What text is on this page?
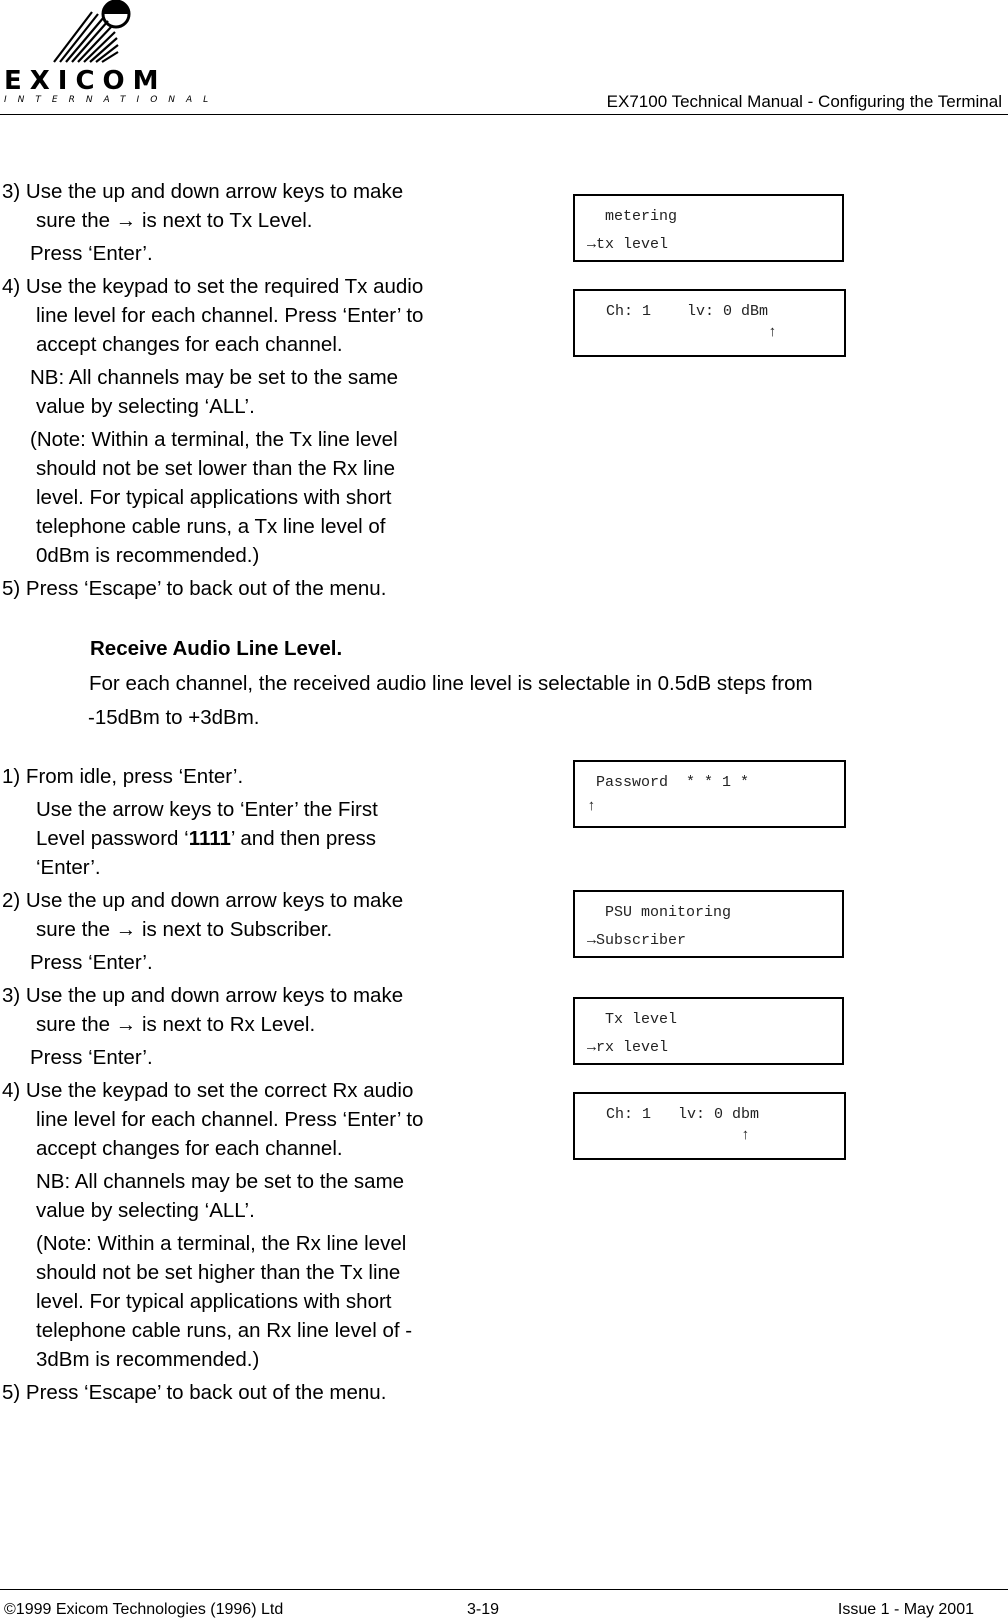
EXICOM
INTERNATIONAL	EX7100 Technical Manual - Configuring the Terminal
3) Use the up and down arrow keys to make
sure the → is next to Tx Level.
Press ‘Enter’.
4) Use the keypad to set the required Tx audio
line level for each channel. Press ‘Enter’ to
accept changes for each channel.
NB: All channels may be set to the same
value by selecting ‘ALL’.
(Note: Within a terminal, the Tx line level
should not be set lower than the Rx line
level. For typical applications with short
telephone cable runs, a Tx line level of
0dBm is recommended.)
5) Press ‘Escape’ to back out of the menu.
metering
→tx level
Ch: 1    lv: 0 dBm
↑
Receive Audio Line Level.
For each channel, the received audio line level is selectable in 0.5dB steps from
-15dBm to +3dBm.
1) From idle, press ‘Enter’.
Use the arrow keys to ‘Enter’ the First
Level password ‘1111’ and then press
‘Enter’.
2) Use the up and down arrow keys to make
sure the → is next to Subscriber.
Press ‘Enter’.
3) Use the up and down arrow keys to make
sure the → is next to Rx Level.
Press ‘Enter’.
4) Use the keypad to set the correct Rx audio
line level for each channel. Press ‘Enter’ to
accept changes for each channel.
NB: All channels may be set to the same
value by selecting ‘ALL’.
(Note: Within a terminal, the Rx line level
should not be set higher than the Tx line
level. For typical applications with short
telephone cable runs, an Rx line level of -
3dBm is recommended.)
5) Press ‘Escape’ to back out of the menu.
Password  * * 1 *
↑
PSU monitoring
→Subscriber
Tx level
→rx level
Ch: 1   lv: 0 dbm
↑
©1999 Exicom Technologies (1996) Ltd	3-19	Issue 1 - May 2001
